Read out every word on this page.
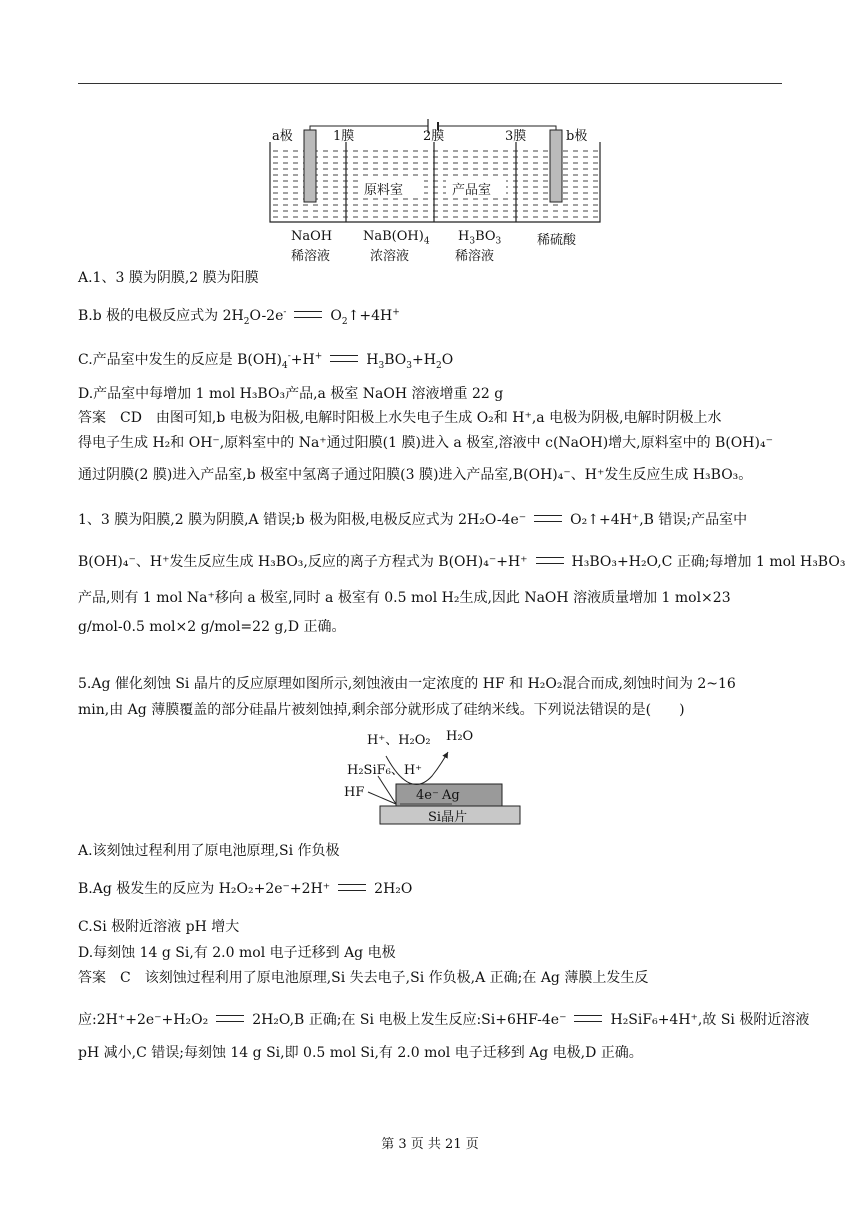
a极	1膜	2膜	3膜	b极
原料室	产品室
NaOH
稀溶液
$NaB(OH)_4$
浓溶液
$H_3BO_3$
稀溶液
稀硫酸
A.1、3 膜为阴膜,2 膜为阳膜
B.b 极的电极反应式为 $2H_2O-2e^-$	$O_2↑+4H^+$
C.产品室中发生的反应是 $B(OH)_4^-+H^+$	$H_3BO_3+H_2O$
D.产品室中每增加 1 mol H₃BO₃产品,a 极室 NaOH 溶液增重 22 g
答案　CD　由图可知,b 电极为阳极,电解时阳极上水失电子生成 O₂和 H⁺,a 电极为阴极,电解时阴极上水
得电子生成 H₂和 OH⁻,原料室中的 Na⁺通过阳膜(1 膜)进入 a 极室,溶液中 c(NaOH)增大,原料室中的 B(OH)₄⁻
通过阴膜(2 膜)进入产品室,b 极室中氢离子通过阳膜(3 膜)进入产品室,B(OH)₄⁻、H⁺发生反应生成 H₃BO₃。
1、3 膜为阳膜,2 膜为阴膜,A 错误;b 极为阳极,电极反应式为 2H₂O-4e⁻	O₂↑+4H⁺,B 错误;产品室中
B(OH)₄⁻、H⁺发生反应生成 H₃BO₃,反应的离子方程式为 B(OH)₄⁻+H⁺	H₃BO₃+H₂O,C 正确;每增加 1 mol H₃BO₃
产品,则有 1 mol Na⁺移向 a 极室,同时 a 极室有 0.5 mol H₂生成,因此 NaOH 溶液质量增加 1 mol×23
g/mol-0.5 mol×2 g/mol=22 g,D 正确。
5.Ag 催化刻蚀 Si 晶片的反应原理如图所示,刻蚀液由一定浓度的 HF 和 H₂O₂混合而成,刻蚀时间为 2~16
min,由 Ag 薄膜覆盖的部分硅晶片被刻蚀掉,剩余部分就形成了硅纳米线。下列说法错误的是(　　)
H⁺、H₂O₂ H₂O
H₂SiF₆、H⁺
HF	4e⁻ Ag
Si晶片
A.该刻蚀过程利用了原电池原理,Si 作负极
B.Ag 极发生的反应为 H₂O₂+2e⁻+2H⁺	2H₂O
C.Si 极附近溶液 pH 增大
D.每刻蚀 14 g Si,有 2.0 mol 电子迁移到 Ag 电极
答案　C　该刻蚀过程利用了原电池原理,Si 失去电子,Si 作负极,A 正确;在 Ag 薄膜上发生反
应:2H⁺+2e⁻+H₂O₂	2H₂O,B 正确;在 Si 电极上发生反应:Si+6HF-4e⁻	H₂SiF₆+4H⁺,故 Si 极附近溶液
pH 减小,C 错误;每刻蚀 14 g Si,即 0.5 mol Si,有 2.0 mol 电子迁移到 Ag 电极,D 正确。
第 3 页 共 21 页
